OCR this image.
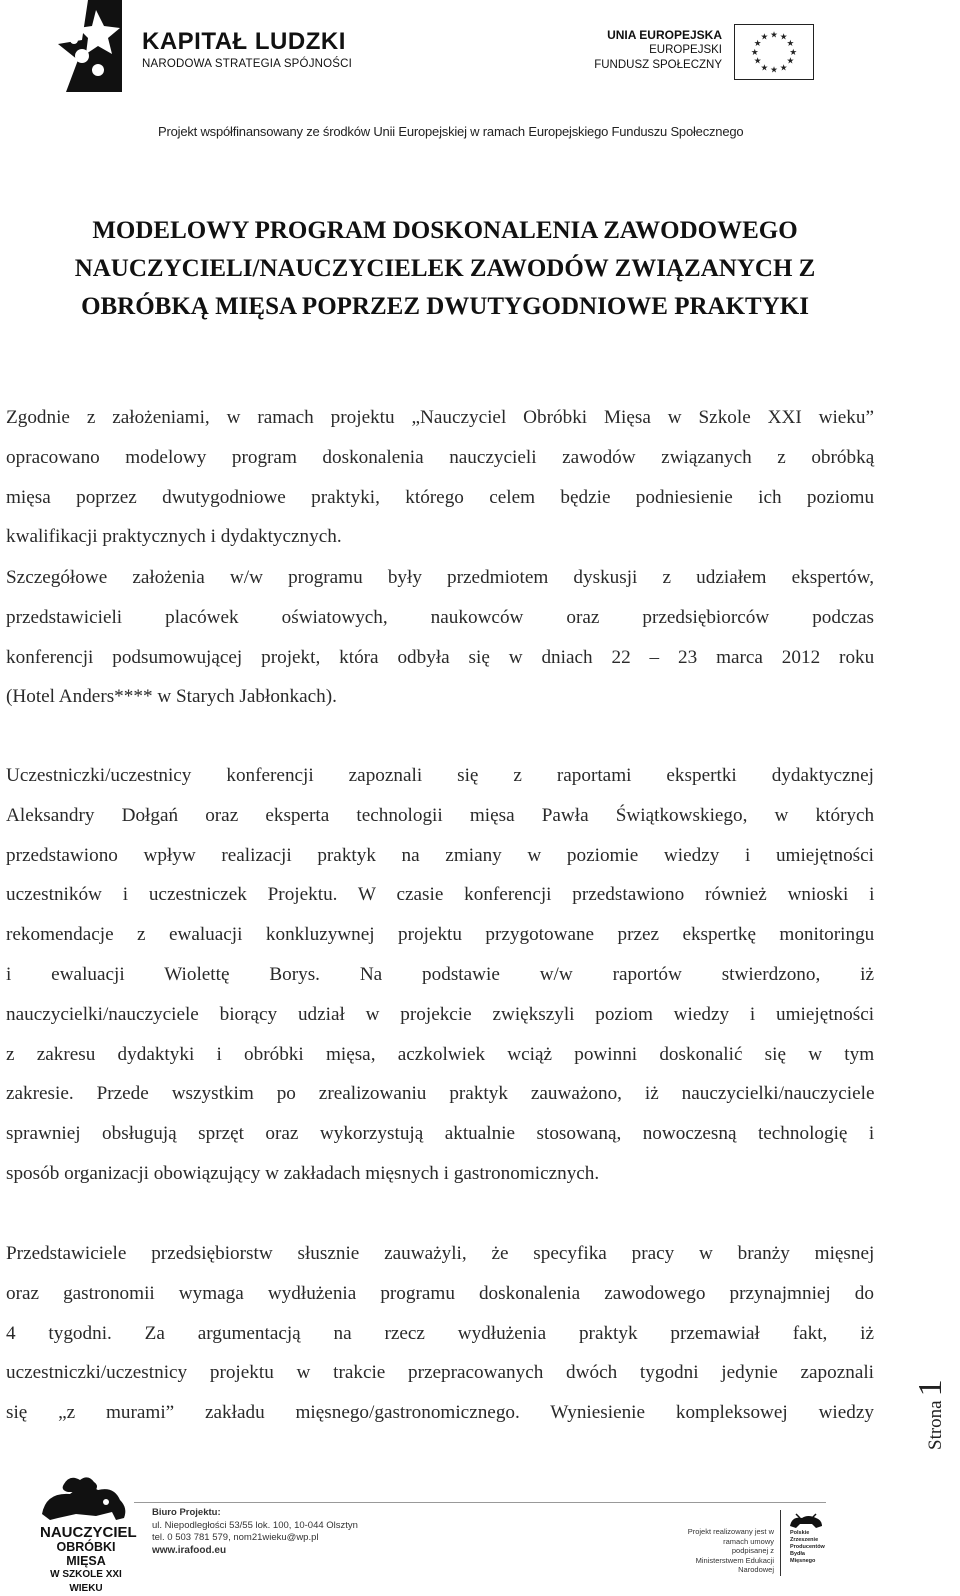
KAPITAŁ LUDZKI
NARODOWA STRATEGIA SPÓJNOŚCI
UNIA EUROPEJSKA
EUROPEJSKI
FUNDUSZ SPOŁECZNY
★ ★
★
★
★
★
★
★
★
★
★
★
Projekt współfinansowany ze środków Unii Europejskiej w ramach Europejskiego Funduszu Społecznego
MODELOWY PROGRAM DOSKONALENIA ZAWODOWEGO
NAUCZYCIELI/NAUCZYCIELEK ZAWODÓW ZWIĄZANYCH Z
OBRÓBKĄ MIĘSA POPRZEZ DWUTYGODNIOWE PRAKTYKI
Zgodnie z założeniami, w ramach projektu „Nauczyciel Obróbki Mięsa w Szkole XXI wieku”
opracowano modelowy program doskonalenia nauczycieli zawodów związanych z obróbką
mięsa poprzez dwutygodniowe praktyki, którego celem będzie podniesienie ich poziomu
kwalifikacji praktycznych i dydaktycznych.
Szczegółowe założenia w/w programu były przedmiotem dyskusji z udziałem ekspertów,
przedstawicieli placówek oświatowych, naukowców oraz przedsiębiorców podczas
konferencji podsumowującej projekt, która odbyła się w dniach 22 – 23 marca 2012 roku
(Hotel Anders**** w Starych Jabłonkach).
Uczestniczki/uczestnicy konferencji zapoznali się z raportami ekspertki dydaktycznej
Aleksandry Dołgań oraz eksperta technologii mięsa Pawła Świątkowskiego, w których
przedstawiono wpływ realizacji praktyk na zmiany w poziomie wiedzy i umiejętności
uczestników i uczestniczek Projektu. W czasie konferencji przedstawiono również wnioski i
rekomendacje z ewaluacji konkluzywnej projektu przygotowane przez ekspertkę monitoringu
i ewaluacji Wiolettę Borys. Na podstawie w/w raportów stwierdzono, iż
nauczycielki/nauczyciele biorący udział w projekcie zwiększyli poziom wiedzy i umiejętności
z zakresu dydaktyki i obróbki mięsa, aczkolwiek wciąż powinni doskonalić się w tym
zakresie. Przede wszystkim po zrealizowaniu praktyk zauważono, iż nauczycielki/nauczyciele
sprawniej obsługują sprzęt oraz wykorzystują aktualnie stosowaną, nowoczesną technologię i
sposób organizacji obowiązujący w zakładach mięsnych i gastronomicznych.
Przedstawiciele przedsiębiorstw słusznie zauważyli, że specyfika pracy w branży mięsnej
oraz gastronomii wymaga wydłużenia programu doskonalenia zawodowego przynajmniej do
4 tygodni. Za argumentacją na rzecz wydłużenia praktyk przemawiał fakt, iż
uczestniczki/uczestnicy projektu w trakcie przepracowanych dwóch tygodni jedynie zapoznali
się „z murami” zakładu mięsnego/gastronomicznego. Wyniesienie kompleksowej wiedzy	Strona 1
NAUCZYCIEL
OBRÓBKI MIĘSA
W SZKOLE XXI WIEKU
Biuro Projektu:
ul. Niepodległości 53/55 lok. 100, 10-044 Olsztyn
tel. 0 503 781 579, nom21wieku@wp.pl
www.irafood.eu
Projekt realizowany jest w ramach umowy podpisanej z Ministerstwem Edukacji Narodowej
Polskie Zrzeszenie Producentów Bydła Mięsnego
